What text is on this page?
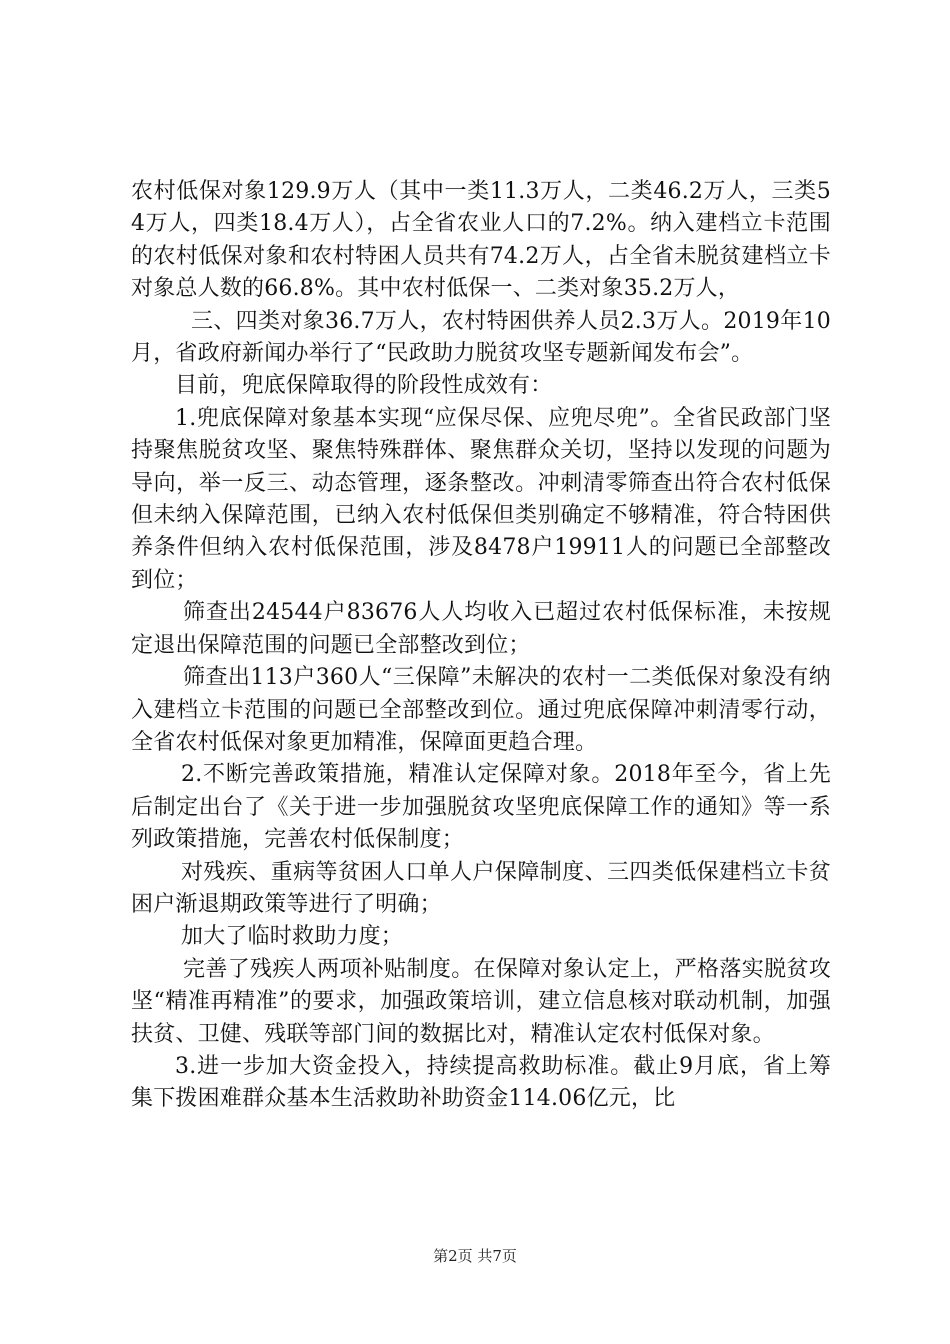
农村低保对象129.9万人（其中一类11.3万人，二类46.2万人，三类54万人，四类18.4万人），占全省农业人口的7.2%。纳入建档立卡范围的农村低保对象和农村特困人员共有74.2万人，占全省未脱贫建档立卡对象总人数的66.8%。其中农村低保一、二类对象35.2万人，

三、四类对象36.7万人，农村特困供养人员2.3万人。2019年10月，省政府新闻办举行了“民政助力脱贫攻坚专题新闻发布会”。

目前，兜底保障取得的阶段性成效有：

1.兜底保障对象基本实现“应保尽保、应兜尽兜”。全省民政部门坚持聚焦脱贫攻坚、聚焦特殊群体、聚焦群众关切，坚持以发现的问题为导向，举一反三、动态管理，逐条整改。冲刺清零筛查出符合农村低保但未纳入保障范围，已纳入农村低保但类别确定不够精准，符合特困供养条件但纳入农村低保范围，涉及8478户19911人的问题已全部整改到位；

筛查出24544户83676人人均收入已超过农村低保标准，未按规定退出保障范围的问题已全部整改到位；

筛查出113户360人“三保障”未解决的农村一二类低保对象没有纳入建档立卡范围的问题已全部整改到位。通过兜底保障冲刺清零行动，全省农村低保对象更加精准，保障面更趋合理。

2.不断完善政策措施，精准认定保障对象。2018年至今，省上先后制定出台了《关于进一步加强脱贫攻坚兜底保障工作的通知》等一系列政策措施，完善农村低保制度；

对残疾、重病等贫困人口单人户保障制度、三四类低保建档立卡贫困户渐退期政策等进行了明确；

加大了临时救助力度；

完善了残疾人两项补贴制度。在保障对象认定上，严格落实脱贫攻坚“精准再精准”的要求，加强政策培训，建立信息核对联动机制，加强扶贫、卫健、残联等部门间的数据比对，精准认定农村低保对象。

3.进一步加大资金投入，持续提高救助标准。截止9月底，省上筹集下拨困难群众基本生活救助补助资金114.06亿元，比

第2页 共7页
